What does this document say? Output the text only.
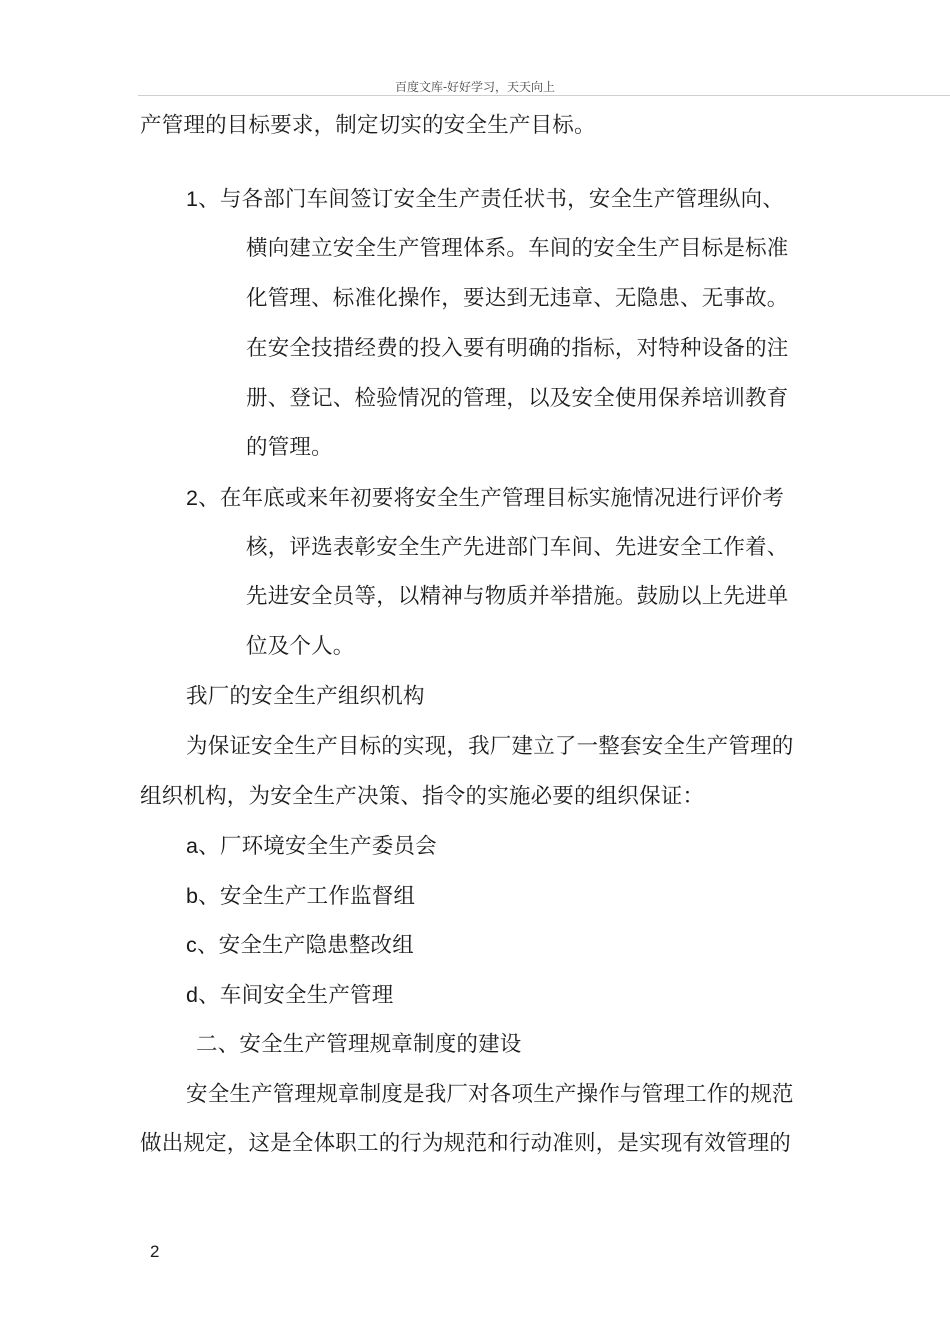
百度文库-好好学习，天天向上
产管理的目标要求，制定切实的安全生产目标。
1、与各部门车间签订安全生产责任状书，安全生产管理纵向、
横向建立安全生产管理体系。车间的安全生产目标是标准
化管理、标准化操作，要达到无违章、无隐患、无事故。
在安全技措经费的投入要有明确的指标，对特种设备的注
册、登记、检验情况的管理，以及安全使用保养培训教育
的管理。
2、在年底或来年初要将安全生产管理目标实施情况进行评价考
核，评选表彰安全生产先进部门车间、先进安全工作着、
先进安全员等，以精神与物质并举措施。鼓励以上先进单
位及个人。
我厂的安全生产组织机构
为保证安全生产目标的实现，我厂建立了一整套安全生产管理的
组织机构，为安全生产决策、指令的实施必要的组织保证：
a、厂环境安全生产委员会
b、安全生产工作监督组
c、安全生产隐患整改组
d、车间安全生产管理
二、安全生产管理规章制度的建设
安全生产管理规章制度是我厂对各项生产操作与管理工作的规范
做出规定，这是全体职工的行为规范和行动准则，是实现有效管理的
2
